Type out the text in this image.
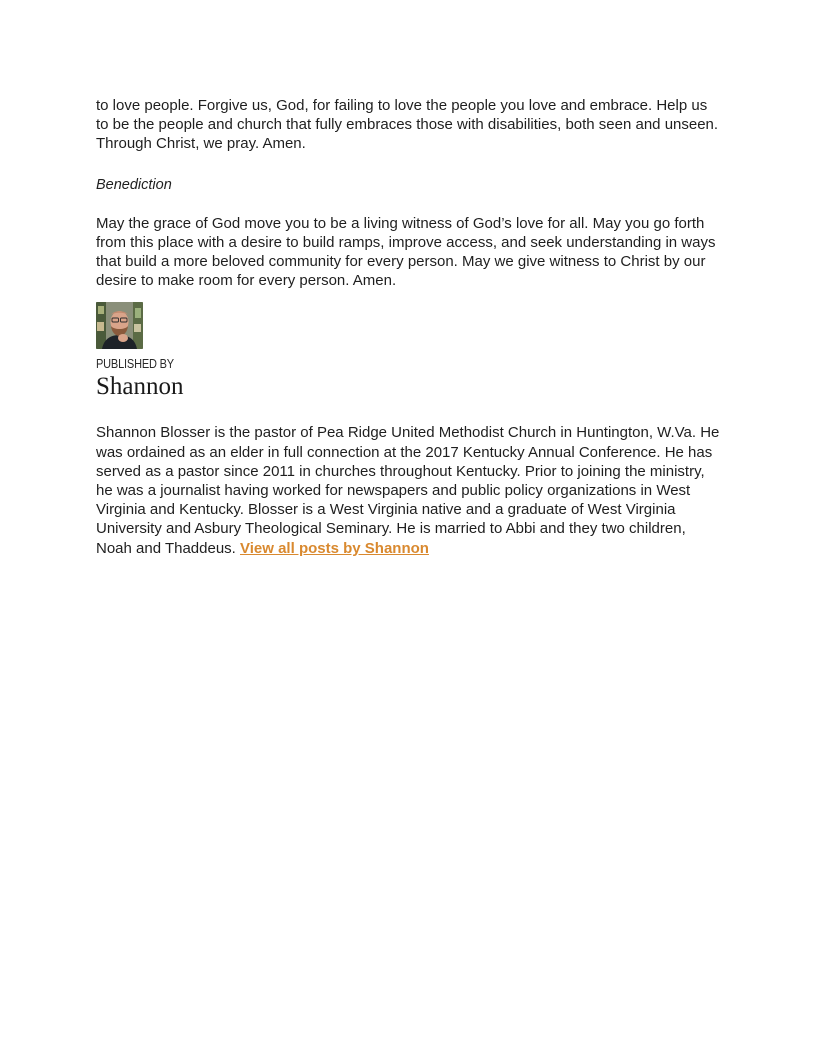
to love people. Forgive us, God, for failing to love the people you love and embrace. Help us to be the people and church that fully embraces those with disabilities, both seen and unseen. Through Christ, we pray. Amen.

Benediction

May the grace of God move you to be a living witness of God’s love for all. May you go forth from this place with a desire to build ramps, improve access, and seek understanding in ways that build a more beloved community for every person. May we give witness to Christ by our desire to make room for every person. Amen.

PUBLISHED BY
Shannon

Shannon Blosser is the pastor of Pea Ridge United Methodist Church in Huntington, W.Va. He was ordained as an elder in full connection at the 2017 Kentucky Annual Conference. He has served as a pastor since 2011 in churches throughout Kentucky. Prior to joining the ministry, he was a journalist having worked for newspapers and public policy organizations in West Virginia and Kentucky. Blosser is a West Virginia native and a graduate of West Virginia University and Asbury Theological Seminary. He is married to Abbi and they two children, Noah and Thaddeus. View all posts by Shannon
